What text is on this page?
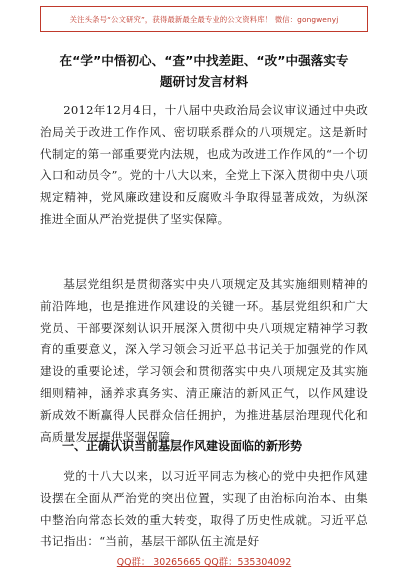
关注头条号“公文研究”，获得最新最全最专业的公文资料库！ 微信：gongwenyj
在“学”中悟初心、“查”中找差距、“改”中强落实专
题研讨发言材料

2012年12月4日，十八届中央政治局会议审议通过中央政治局关于改进工作作风、密切联系群众的八项规定。这是新时代制定的第一部重要党内法规，也成为改进工作作风的“一个切入口和动员令”。党的十八大以来，全党上下深入贯彻中央八项规定精神，党风廉政建设和反腐败斗争取得显著成效，为纵深推进全面从严治党提供了坚实保障。

基层党组织是贯彻落实中央八项规定及其实施细则精神的前沿阵地，也是推进作风建设的关键一环。基层党组织和广大党员、干部要深刻认识开展深入贯彻中央八项规定精神学习教育的重要意义，深入学习领会习近平总书记关于加强党的作风建设的重要论述，学习领会和贯彻落实中央八项规定及其实施细则精神，涵养求真务实、清正廉洁的新风正气，以作风建设新成效不断赢得人民群众信任拥护，为推进基层治理现代化和高质量发展提供坚强保障。

一、正确认识当前基层作风建设面临的新形势

党的十八大以来，以习近平同志为核心的党中央把作风建设摆在全面从严治党的突出位置，实现了由治标向治本、由集中整治向常态长效的重大转变，取得了历史性成就。习近平总书记指出：“当前，基层干部队伍主流是好

QQ群： 30265665 QQ群：535304092
